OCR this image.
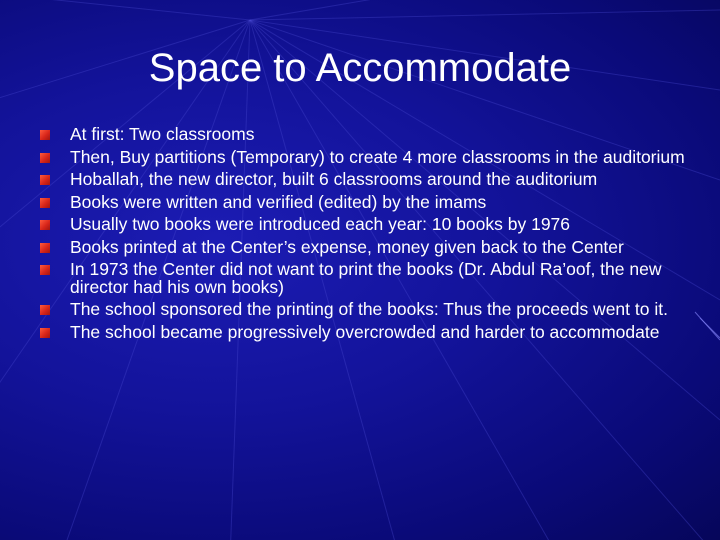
Space to Accommodate
At first: Two classrooms
Then, Buy partitions (Temporary) to create 4 more classrooms in the auditorium
Hoballah, the new director, built 6 classrooms around the auditorium
Books were written and verified (edited) by the imams
Usually two books were introduced each year: 10 books by 1976
Books printed at the Center’s expense, money given back to the Center
In 1973 the Center did not want to print the books (Dr. Abdul Ra’oof, the new director had his own books)
The school sponsored the printing of the books: Thus the proceeds went to it.
The school became progressively overcrowded and harder to accommodate
